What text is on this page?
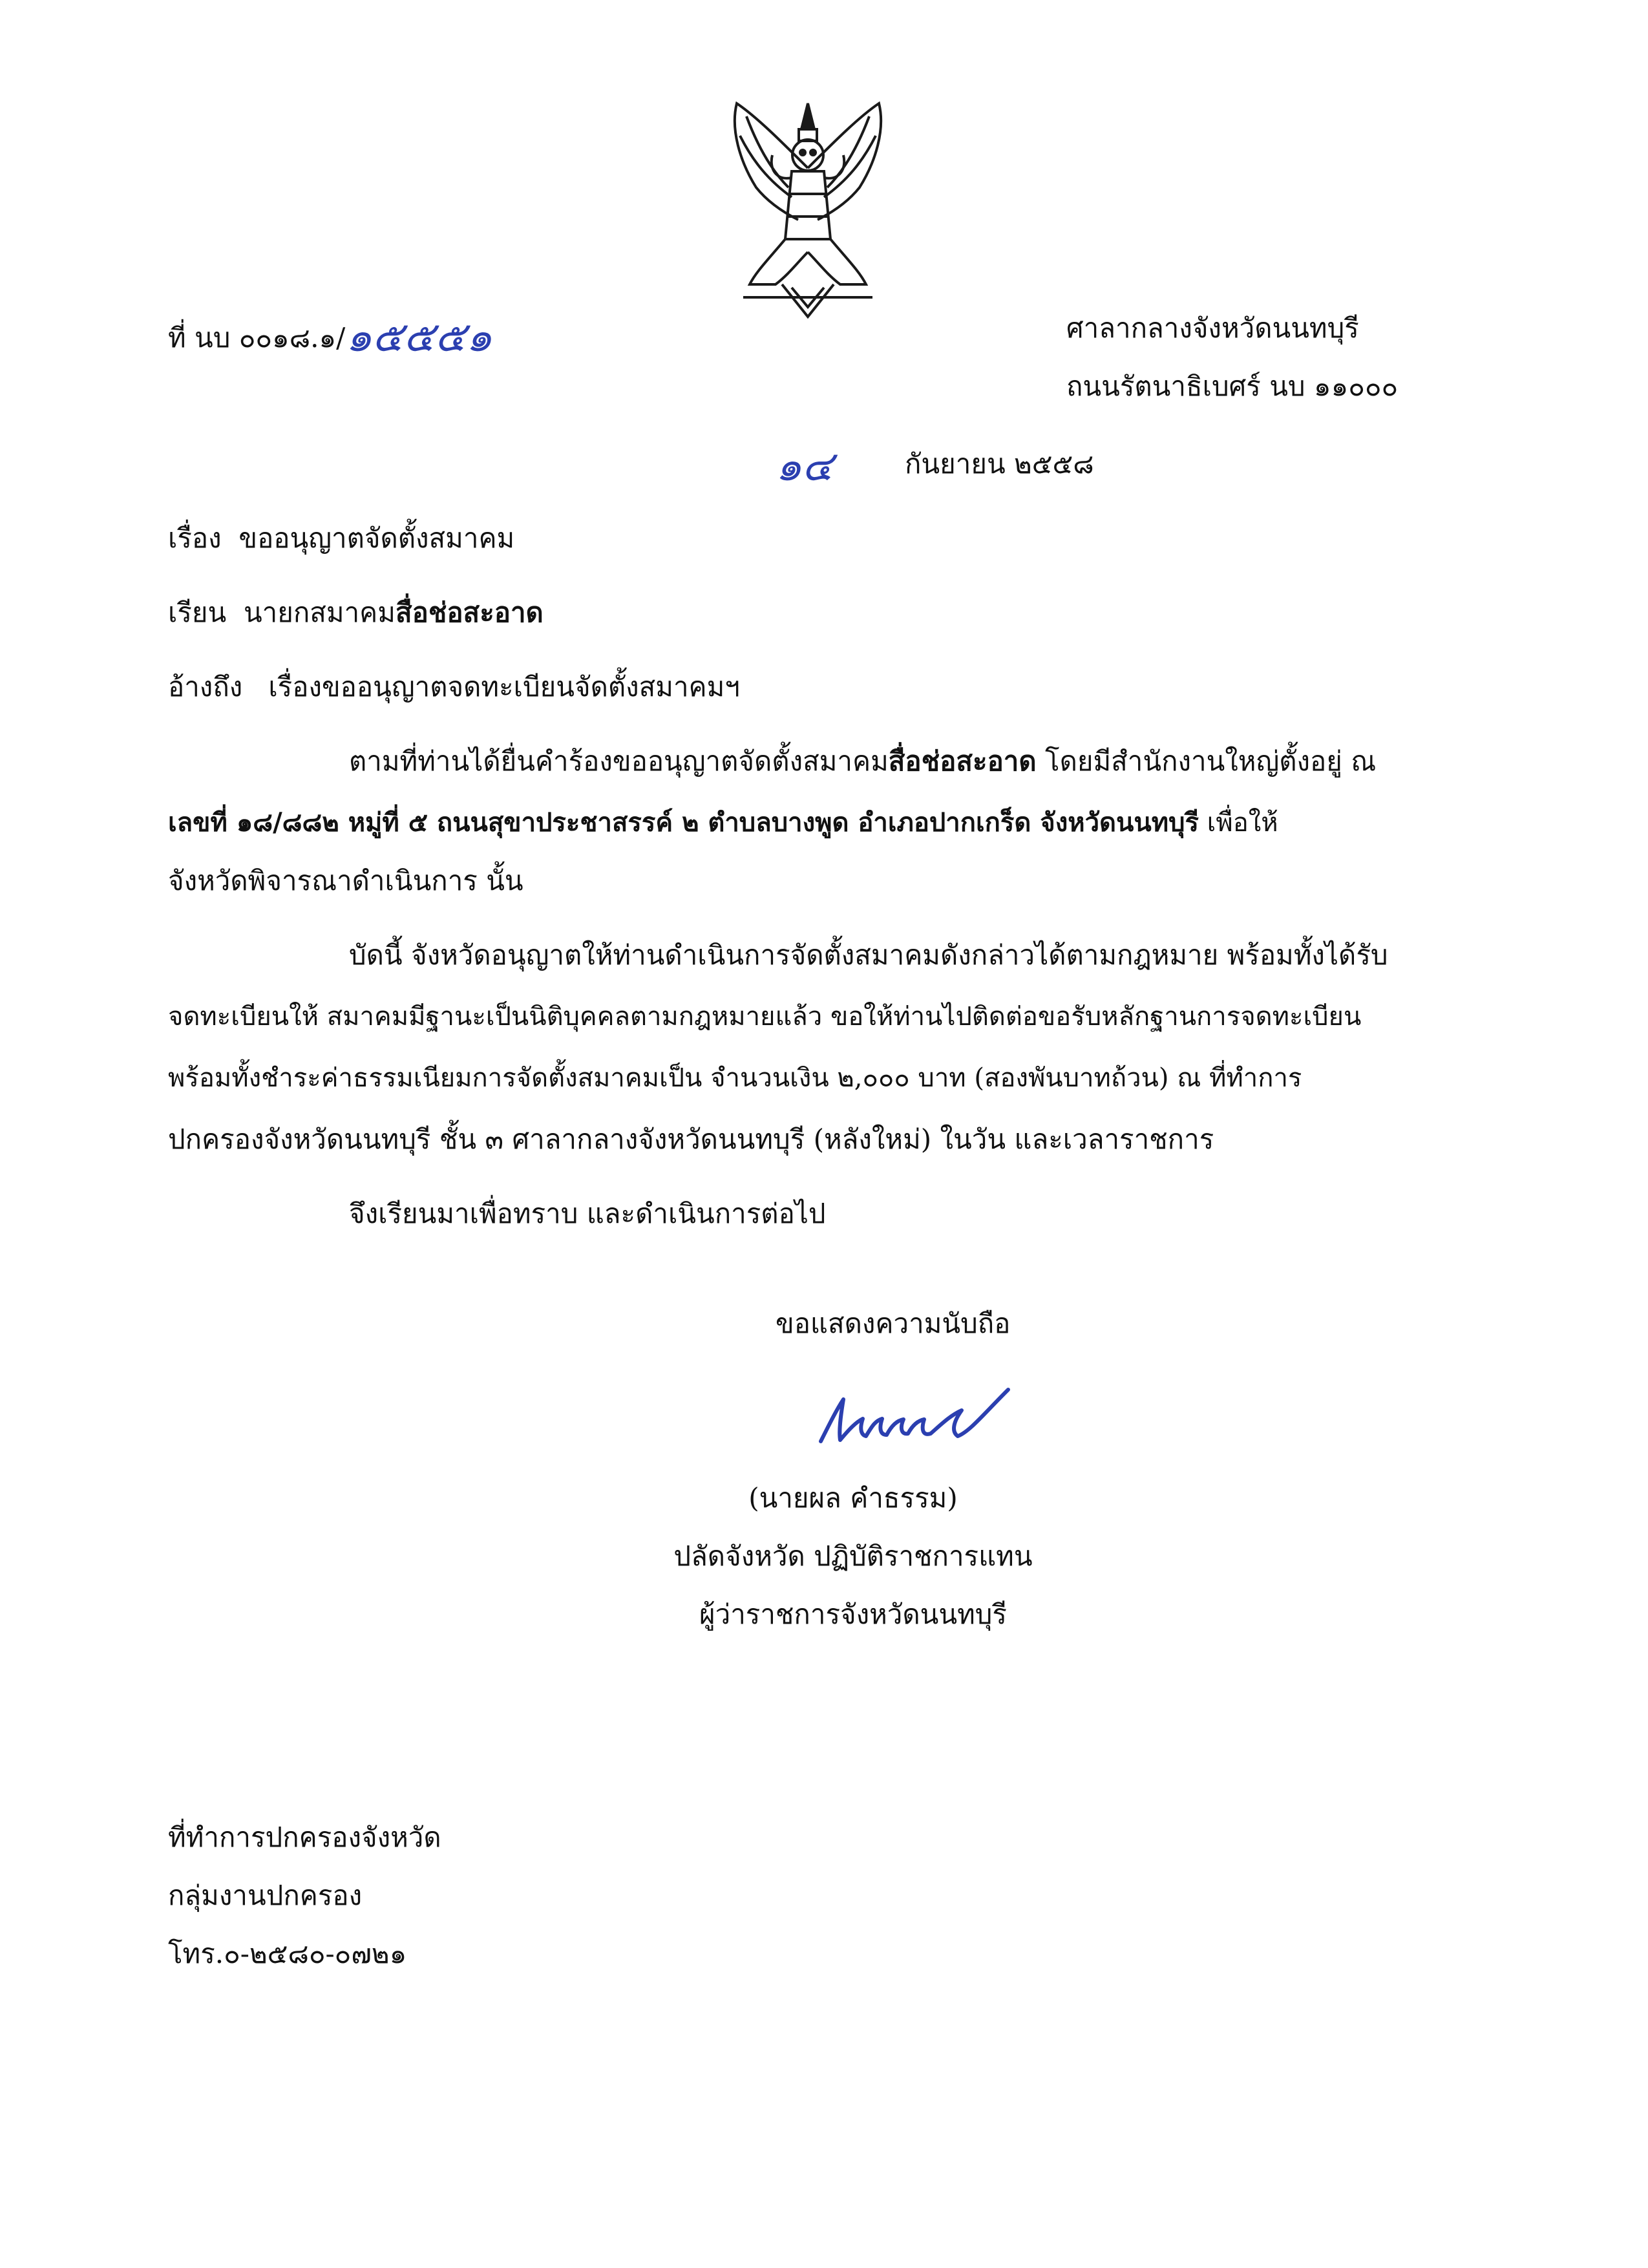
ที่ นบ ๐๐๑๘.๑/ ๑๕๕๕๑	ศาลากลางจังหวัดนนทบุรี
ถนนรัตนาธิเบศร์ นบ ๑๑๐๐๐
๑๔	กันยายน ๒๕๕๘
เรื่อง ขออนุญาตจัดตั้งสมาคม
เรียน นายกสมาคมสื่อช่อสะอาด
อ้างถึง เรื่องขออนุญาตจดทะเบียนจัดตั้งสมาคมฯ
ตามที่ท่านได้ยื่นคำร้องขออนุญาตจัดตั้งสมาคมสื่อช่อสะอาด โดยมีสำนักงานใหญ่ตั้งอยู่ ณ
เลขที่ ๑๘/๘๘๒ หมู่ที่ ๕ ถนนสุขาประชาสรรค์ ๒ ตำบลบางพูด อำเภอปากเกร็ด จังหวัดนนทบุรี เพื่อให้
จังหวัดพิจารณาดำเนินการ นั้น
บัดนี้ จังหวัดอนุญาตให้ท่านดำเนินการจัดตั้งสมาคมดังกล่าวได้ตามกฎหมาย พร้อมทั้งได้รับ
จดทะเบียนให้ สมาคมมีฐานะเป็นนิติบุคคลตามกฎหมายแล้ว ขอให้ท่านไปติดต่อขอรับหลักฐานการจดทะเบียน
พร้อมทั้งชำระค่าธรรมเนียมการจัดตั้งสมาคมเป็น จำนวนเงิน ๒,๐๐๐ บาท (สองพันบาทถ้วน) ณ ที่ทำการ
ปกครองจังหวัดนนทบุรี ชั้น ๓ ศาลากลางจังหวัดนนทบุรี (หลังใหม่) ในวัน และเวลาราชการ
จึงเรียนมาเพื่อทราบ และดำเนินการต่อไป
ขอแสดงความนับถือ
(นายผล คำธรรม)
ปลัดจังหวัด ปฏิบัติราชการแทน
ผู้ว่าราชการจังหวัดนนทบุรี
ที่ทำการปกครองจังหวัด
กลุ่มงานปกครอง
โทร.๐-๒๕๘๐-๐๗๒๑
